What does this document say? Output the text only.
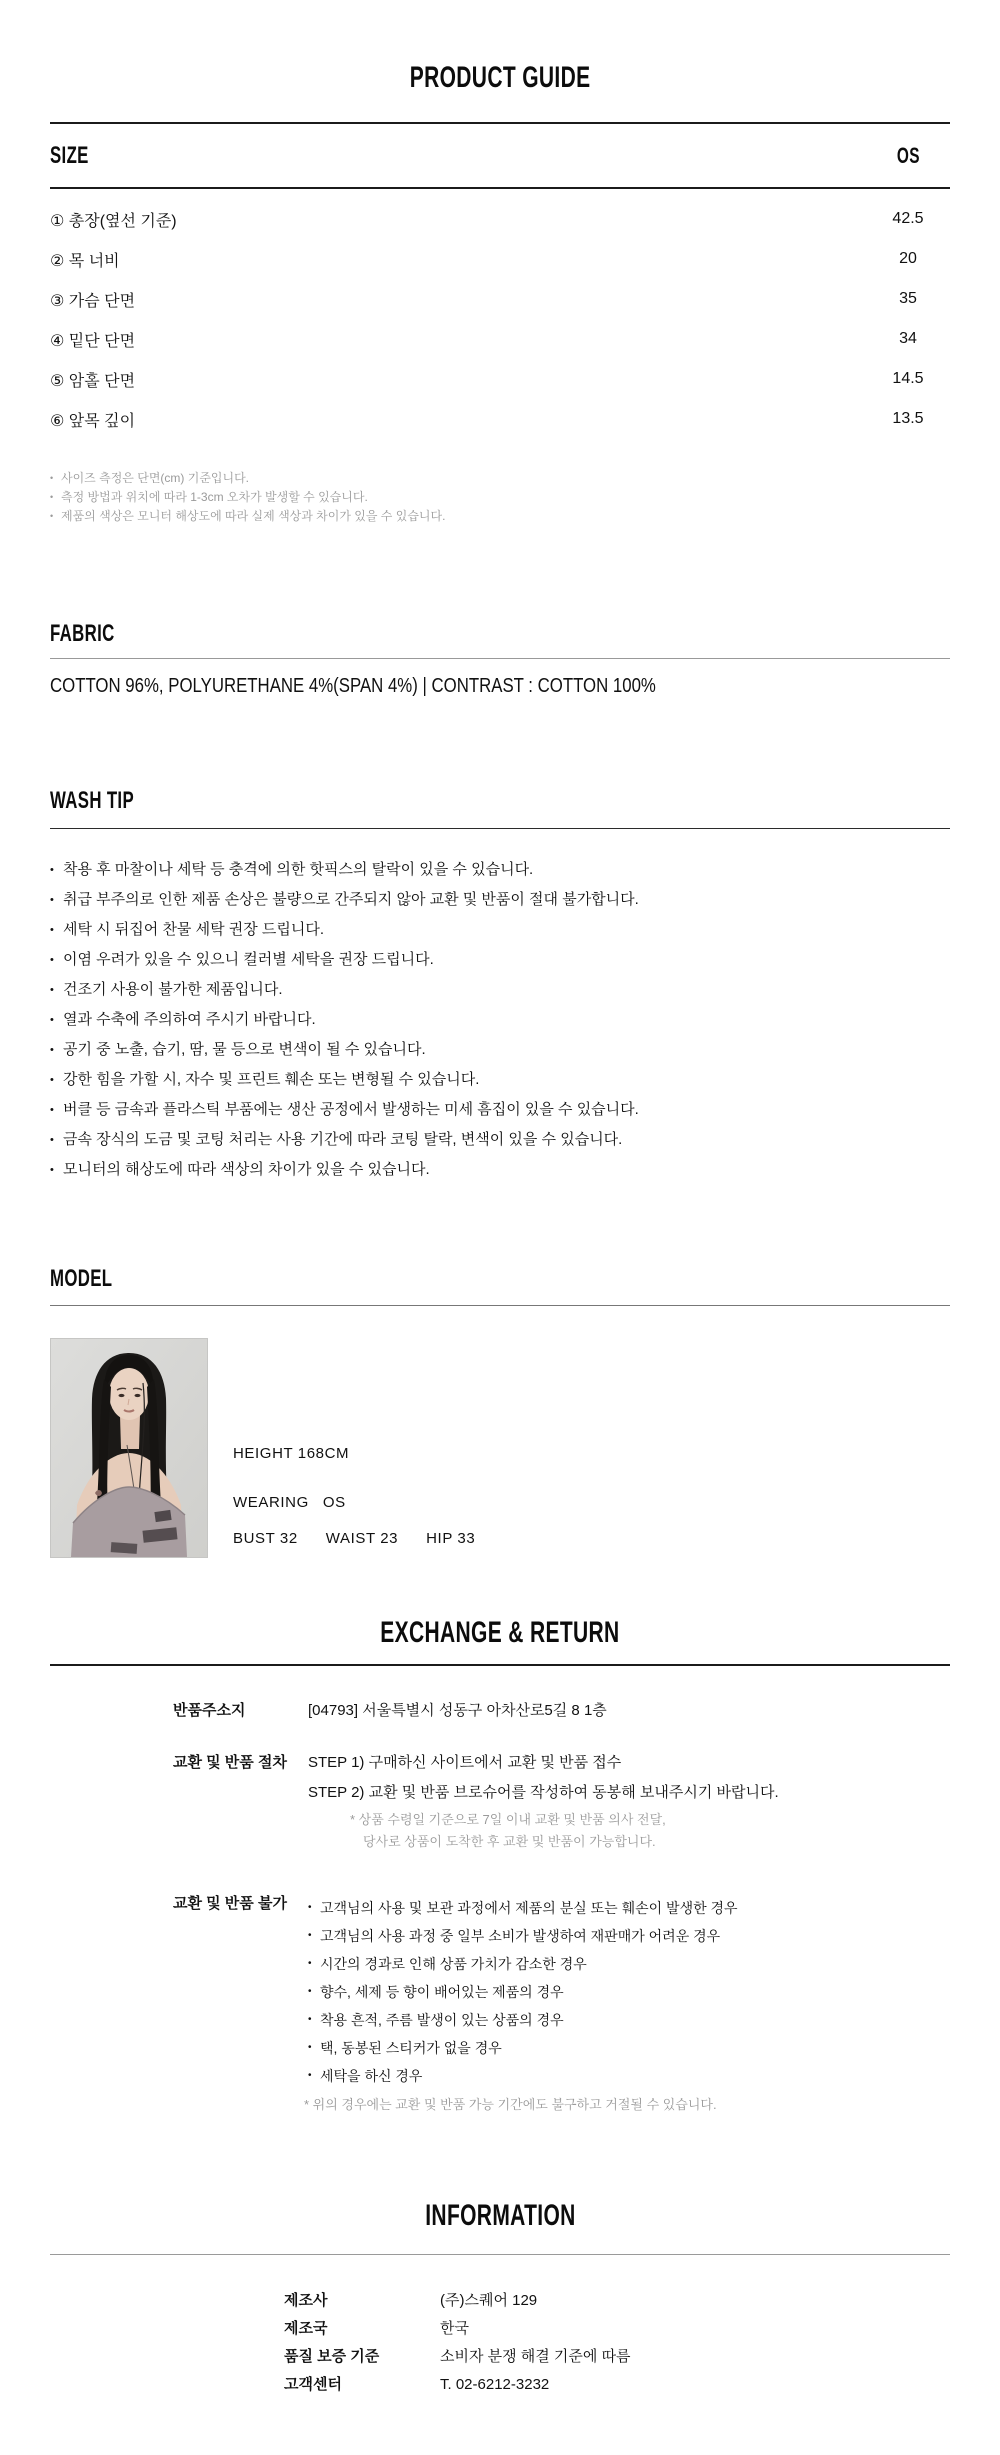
PRODUCT GUIDE
SIZE	OS
① 총장(옆선 기준)	42.5
② 목 너비	20
③ 가슴 단면	35
④ 밑단 단면	34
⑤ 암홀 단면	14.5
⑥ 앞목 깊이	13.5
• 사이즈 측정은 단면(cm) 기준입니다.
• 측정 방법과 위치에 따라 1-3cm 오차가 발생할 수 있습니다.
• 제품의 색상은 모니터 해상도에 따라 실제 색상과 차이가 있을 수 있습니다.
FABRIC
COTTON 96%, POLYURETHANE 4%(SPAN 4%) | CONTRAST : COTTON 100%
WASH TIP
• 착용 후 마찰이나 세탁 등 충격에 의한 핫픽스의 탈락이 있을 수 있습니다.
• 취급 부주의로 인한 제품 손상은 불량으로 간주되지 않아 교환 및 반품이 절대 불가합니다.
• 세탁 시 뒤집어 찬물 세탁 권장 드립니다.
• 이염 우려가 있을 수 있으니 컬러별 세탁을 권장 드립니다.
• 건조기 사용이 불가한 제품입니다.
• 열과 수축에 주의하여 주시기 바랍니다.
• 공기 중 노출, 습기, 땀, 물 등으로 변색이 될 수 있습니다.
• 강한 힘을 가할 시, 자수 및 프린트 훼손 또는 변형될 수 있습니다.
• 버클 등 금속과 플라스틱 부품에는 생산 공정에서 발생하는 미세 흠집이 있을 수 있습니다.
• 금속 장식의 도금 및 코팅 처리는 사용 기간에 따라 코팅 탈락, 변색이 있을 수 있습니다.
• 모니터의 해상도에 따라 색상의 차이가 있을 수 있습니다.
MODEL
HEIGHT 168CM
WEARING OS
BUST 32 WAIST 23 HIP 33
EXCHANGE & RETURN
반품주소지	[04793] 서울특별시 성동구 아차산로5길 8 1층
교환 및 반품 절차	STEP 1) 구매하신 사이트에서 교환 및 반품 접수
STEP 2) 교환 및 반품 브로슈어를 작성하여 동봉해 보내주시기 바랍니다.
* 상품 수령일 기준으로 7일 이내 교환 및 반품 의사 전달,
당사로 상품이 도착한 후 교환 및 반품이 가능합니다.
교환 및 반품 불가	• 고객님의 사용 및 보관 과정에서 제품의 분실 또는 훼손이 발생한 경우
• 고객님의 사용 과정 중 일부 소비가 발생하여 재판매가 어려운 경우
• 시간의 경과로 인해 상품 가치가 감소한 경우
• 향수, 세제 등 향이 배어있는 제품의 경우
• 착용 흔적, 주름 발생이 있는 상품의 경우
• 택, 동봉된 스티커가 없을 경우
• 세탁을 하신 경우
* 위의 경우에는 교환 및 반품 가능 기간에도 불구하고 거절될 수 있습니다.
INFORMATION
제조사	(주)스퀘어 129
제조국	한국
품질 보증 기준	소비자 분쟁 해결 기준에 따름
고객센터	T. 02-6212-3232
